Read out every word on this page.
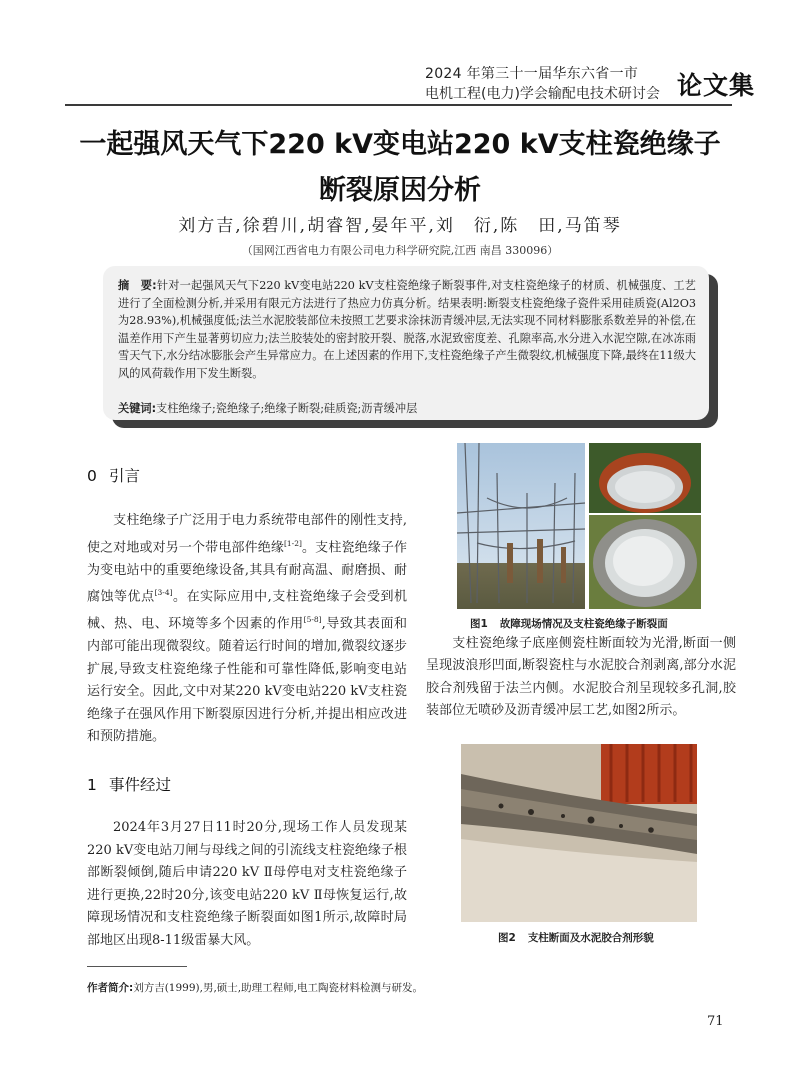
2024 年第三十一届华东六省一市
电机工程(电力)学会输配电技术研讨会 论文集
一起强风天气下220 kV变电站220 kV支柱瓷绝缘子
断裂原因分析
刘方吉,徐碧川,胡睿智,晏年平,刘　衍,陈　田,马笛琴
（国网江西省电力有限公司电力科学研究院,江西 南昌 330096）
摘　要:针对一起强风天气下220 kV变电站220 kV支柱瓷绝缘子断裂事件,对支柱瓷绝缘子的材质、机械强度、工艺进行了全面检测分析,并采用有限元方法进行了热应力仿真分析。结果表明:断裂支柱瓷绝缘子瓷件采用硅质瓷(Al2O3为28.93%),机械强度低;法兰水泥胶装部位未按照工艺要求涂抹沥青缓冲层,无法实现不同材料膨胀系数差异的补偿,在温差作用下产生显著剪切应力;法兰胶装处的密封胶开裂、脱落,水泥致密度差、孔隙率高,水分进入水泥空隙,在冰冻雨雪天气下,水分结冰膨胀会产生异常应力。在上述因素的作用下,支柱瓷绝缘子产生微裂纹,机械强度下降,最终在11级大风的风荷载作用下发生断裂。
关键词:支柱绝缘子;瓷绝缘子;绝缘子断裂;硅质瓷;沥青缓冲层
0 引言
支柱绝缘子广泛用于电力系统带电部件的刚性支持,使之对地或对另一个带电部件绝缘[1-2]。支柱瓷绝缘子作为变电站中的重要绝缘设备,其具有耐高温、耐磨损、耐腐蚀等优点[3-4]。在实际应用中,支柱瓷绝缘子会受到机械、热、电、环境等多个因素的作用[5-8],导致其表面和内部可能出现微裂纹。随着运行时间的增加,微裂纹逐步扩展,导致支柱瓷绝缘子性能和可靠性降低,影响变电站运行安全。因此,文中对某220 kV变电站220 kV支柱瓷绝缘子在强风作用下断裂原因进行分析,并提出相应改进和预防措施。
1 事件经过
2024年3月27日11时20分,现场工作人员发现某220 kV变电站刀闸与母线之间的引流线支柱瓷绝缘子根部断裂倾倒,随后申请220 kV Ⅱ母停电对支柱瓷绝缘子进行更换,22时20分,该变电站220 kV Ⅱ母恢复运行,故障现场情况和支柱瓷绝缘子断裂面如图1所示,故障时局部地区出现8-11级雷暴大风。
图1 故障现场情况及支柱瓷绝缘子断裂面
支柱瓷绝缘子底座侧瓷柱断面较为光滑,断面一侧呈现波浪形凹面,断裂瓷柱与水泥胶合剂剥离,部分水泥胶合剂残留于法兰内侧。水泥胶合剂呈现较多孔洞,胶装部位无喷砂及沥青缓冲层工艺,如图2所示。
图2 支柱断面及水泥胶合剂形貌
作者简介:刘方吉(1999),男,硕士,助理工程师,电工陶瓷材料检测与研发。
71
